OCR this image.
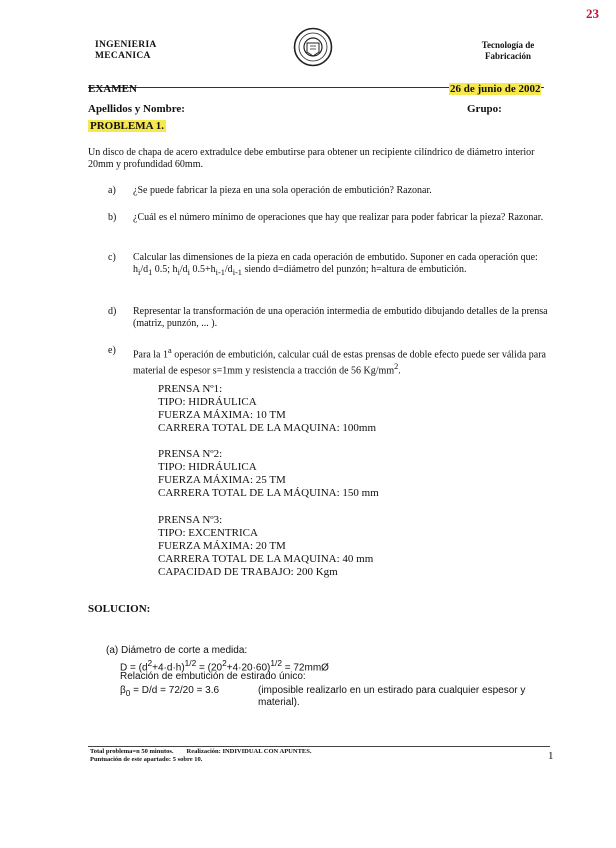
23
INGENIERIA
MECANICA
Tecnología de
Fabricación
EXAMEN	26 de junio de 2002
Apellidos y Nombre:	Grupo:
PROBLEMA 1.
Un disco de chapa de acero extradulce debe embutirse para obtener un recipiente cilíndrico de diámetro interior 20mm y profundidad 60mm.
a)	¿Se puede fabricar la pieza en una sola operación de embutición? Razonar.
b)	¿Cuál es el número mínimo de operaciones que hay que realizar para poder fabricar la pieza? Razonar.
c)	Calcular las dimensiones de la pieza en cada operación de embutido. Suponer en cada operación que: $h_i/d_1$ 0.5; $h_i/d_i$ $0.5+h_{i-1}/d_{i-1}$ siendo d=diámetro del punzón; h=altura de embutición.
d)	Representar la transformación de una operación intermedia de embutido dibujando detalles de la prensa (matriz, punzón, ... ).
e)	Para la 1$^a$ operación de embutición, calcular cuál de estas prensas de doble efecto puede ser válida para material de espesor s=1mm y resistencia a tracción de 56 $Kg/mm^2$.
PRENSA Nº1:
TIPO: HIDRÁULICA
FUERZA MÁXIMA: 10 TM
CARRERA TOTAL DE LA MAQUINA: 100mm
PRENSA Nº2:
TIPO: HIDRÁULICA
FUERZA MÁXIMA: 25 TM
CARRERA TOTAL DE LA MÁQUINA: 150 mm
PRENSA Nº3:
TIPO: EXCENTRICA
FUERZA MÁXIMA: 20 TM
CARRERA TOTAL DE LA MAQUINA: 40 mm
CAPACIDAD DE TRABAJO: 200 Kgm
SOLUCION:
(a) Diámetro de corte a medida:
$D = (d^2+4\cdot d\cdot h)^{1/2} = (20^2+4\cdot 20\cdot 60)^{1/2}$ = 72mmØ
Relación de embutición de estirado único:
$\beta_0 = D/d = 72/20 = 3.6$	(imposible realizarlo en un estirado para cualquier espesor y material).
Total problema=n 50 minutos. Realización: INDIVIDUAL CON APUNTES.
Puntuación de este apartado: 5 sobre 10.	1
